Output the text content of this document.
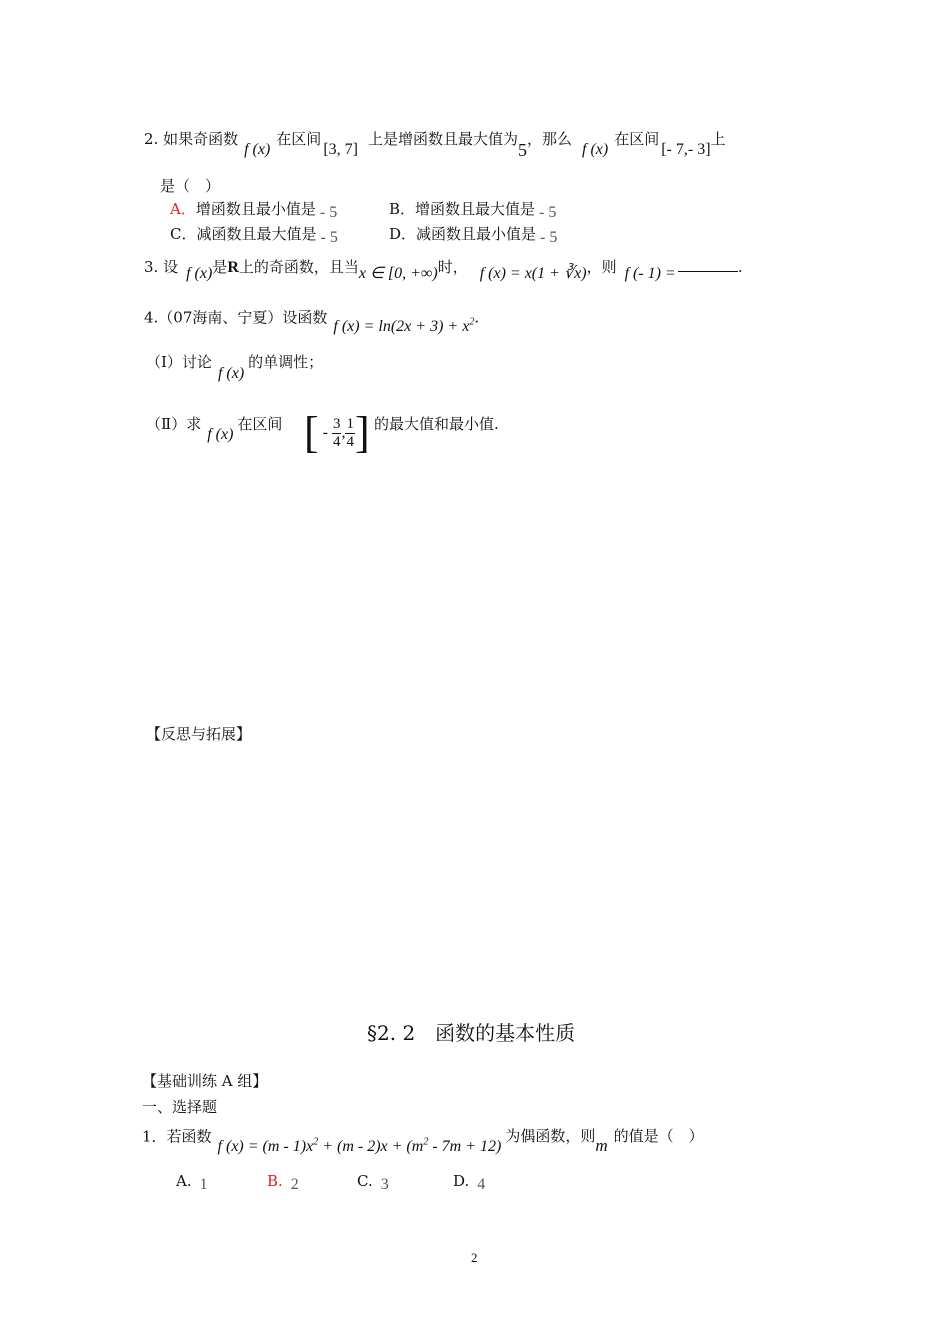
2. 如果奇函数f (x)在区间[3, 7]上是增函数且最大值为5，那么f (x)在区间[- 7,- 3]上
是（　）
A．增函数且最小值是 - 5	B．增函数且最大值是 - 5
C．减函数且最大值是 - 5	D．减函数且最小值是 - 5
3. 设 f (x)是R上的奇函数，且当x ∈ [0, +∞)时， f (x) = x(1 + ∛x)，则 f (- 1) =	.
4.（07海南、宁夏）设函数f $(x) = \ln(2x + 3) + x^2$.
（Ⅰ）讨论f (x)的单调性；
（Ⅱ）求f (x)在区间 [ - $\frac{3}{4}$ , $\frac{1}{4}$ ] 的最大值和最小值.
【反思与拓展】
§2. 2　函数的基本性质
【基础训练 A 组】
一、选择题
1．若函数f $(x) = (m - 1)x^2 + (m - 2)x + (m^2 - 7m + 12)$为偶函数，则m 的值是（　）
A. 1	B. 2	C. 3	D. 4
2
